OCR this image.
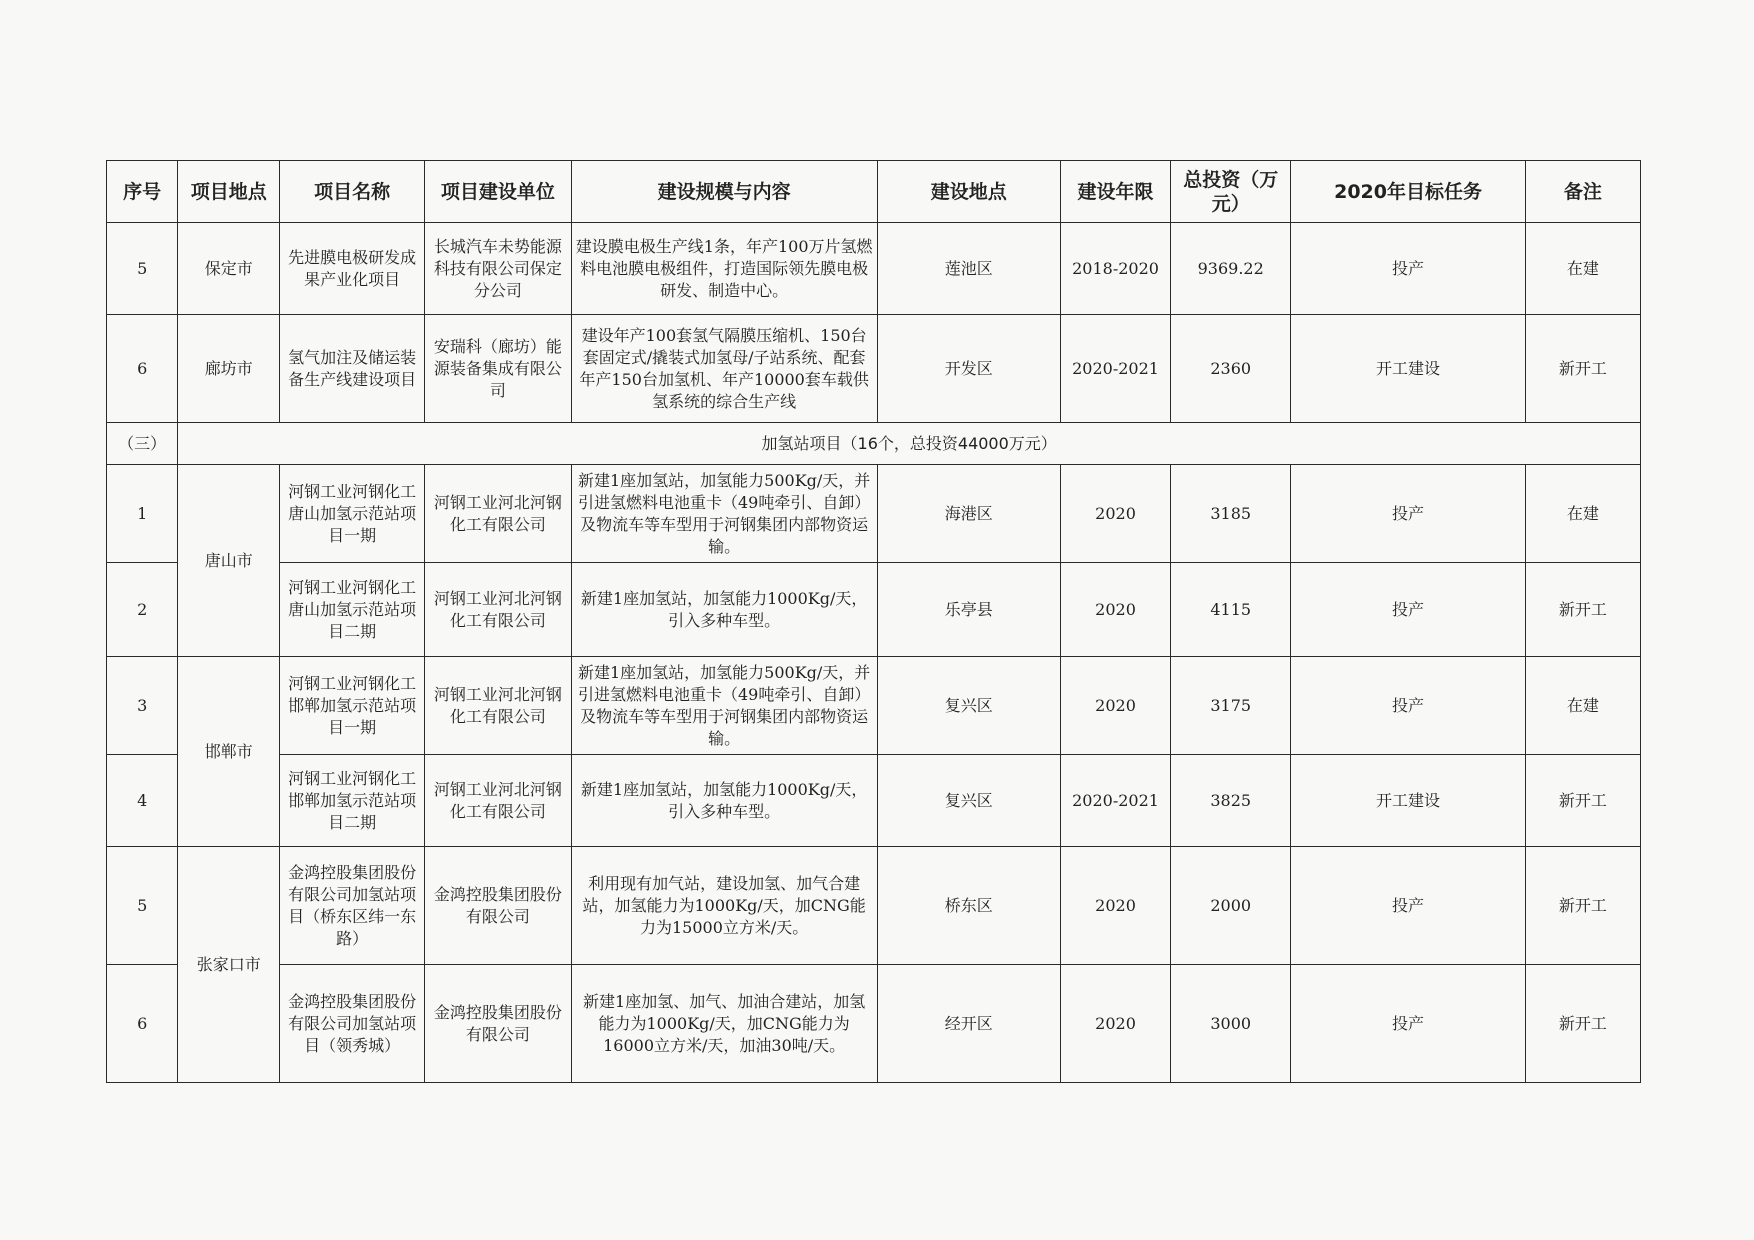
序号	项目地点	项目名称	项目建设单位	建设规模与内容	建设地点	建设年限	总投资（万元）	2020年目标任务	备注
5	保定市	先进膜电极研发成果产业化项目	长城汽车未势能源科技有限公司保定分公司	建设膜电极生产线1条，年产100万片氢燃料电池膜电极组件，打造国际领先膜电极研发、制造中心。	莲池区	2018-2020	9369.22	投产	在建
6	廊坊市	氢气加注及储运装备生产线建设项目	安瑞科（廊坊）能源装备集成有限公司	建设年产100套氢气隔膜压缩机、150台套固定式/撬装式加氢母/子站系统、配套年产150台加氢机、年产10000套车载供氢系统的综合生产线	开发区	2020-2021	2360	开工建设	新开工
（三）	加氢站项目（16个，总投资44000万元）								
1	唐山市	河钢工业河钢化工唐山加氢示范站项目一期	河钢工业河北河钢化工有限公司	新建1座加氢站，加氢能力500Kg/天，并引进氢燃料电池重卡（49吨牵引、自卸）及物流车等车型用于河钢集团内部物资运输。	海港区	2020	3185	投产	在建
2		河钢工业河钢化工唐山加氢示范站项目二期	河钢工业河北河钢化工有限公司	新建1座加氢站，加氢能力1000Kg/天，引入多种车型。	乐亭县	2020	4115	投产	新开工
3	邯郸市	河钢工业河钢化工邯郸加氢示范站项目一期	河钢工业河北河钢化工有限公司	新建1座加氢站，加氢能力500Kg/天，并引进氢燃料电池重卡（49吨牵引、自卸）及物流车等车型用于河钢集团内部物资运输。	复兴区	2020	3175	投产	在建
4		河钢工业河钢化工邯郸加氢示范站项目二期	河钢工业河北河钢化工有限公司	新建1座加氢站，加氢能力1000Kg/天，引入多种车型。	复兴区	2020-2021	3825	开工建设	新开工
5	张家口市	金鸿控股集团股份有限公司加氢站项目（桥东区纬一东路）	金鸿控股集团股份有限公司	利用现有加气站，建设加氢、加气合建站，加氢能力为1000Kg/天，加CNG能力为15000立方米/天。	桥东区	2020	2000	投产	新开工
6		金鸿控股集团股份有限公司加氢站项目（领秀城）	金鸿控股集团股份有限公司	新建1座加氢、加气、加油合建站，加氢能力为1000Kg/天，加CNG能力为16000立方米/天，加油30吨/天。	经开区	2020	3000	投产	新开工
